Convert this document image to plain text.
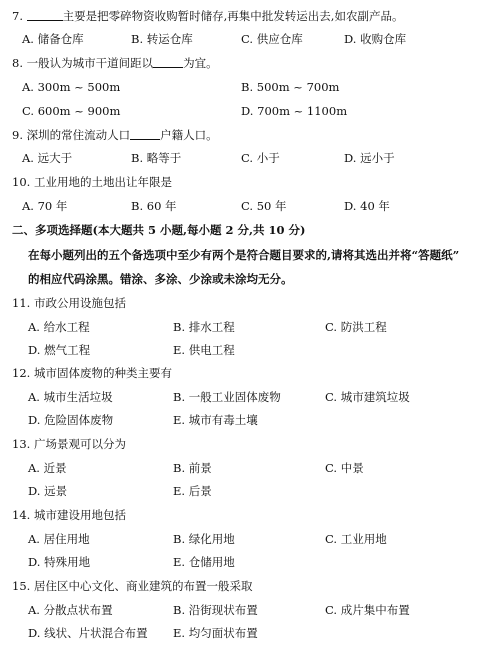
7.	主要是把零碎物资收购暂时储存,再集中批发转运出去,如农副产品。
A. 储备仓库	B. 转运仓库	C. 供应仓库	D. 收购仓库
8. 一般认为城市干道间距以	为宜。
A. 300m ~ 500m	B. 500m ~ 700m
C. 600m ~ 900m	D. 700m ~ 1100m
9. 深圳的常住流动人口	户籍人口。
A. 远大于	B. 略等于	C. 小于	D. 远小于
10. 工业用地的土地出让年限是
A. 70 年	B. 60 年	C. 50 年	D. 40 年
二、多项选择题(本大题共 5 小题,每小题 2 分,共 10 分)
在每小题列出的五个备选项中至少有两个是符合题目要求的,请将其选出并将“答题纸”
的相应代码涂黑。错涂、多涂、少涂或未涂均无分。
11. 市政公用设施包括
A. 给水工程	B. 排水工程	C. 防洪工程
D. 燃气工程	E. 供电工程
12. 城市固体废物的种类主要有
A. 城市生活垃圾	B. 一般工业固体废物	C. 城市建筑垃圾
D. 危险固体废物	E. 城市有毒土壤
13. 广场景观可以分为
A. 近景	B. 前景	C. 中景
D. 远景	E. 后景
14. 城市建设用地包括
A. 居住用地	B. 绿化用地	C. 工业用地
D. 特殊用地	E. 仓储用地
15. 居住区中心文化、商业建筑的布置一般采取
A. 分散点状布置	B. 沿街现状布置	C. 成片集中布置
D. 线状、片状混合布置 E. 均匀面状布置
